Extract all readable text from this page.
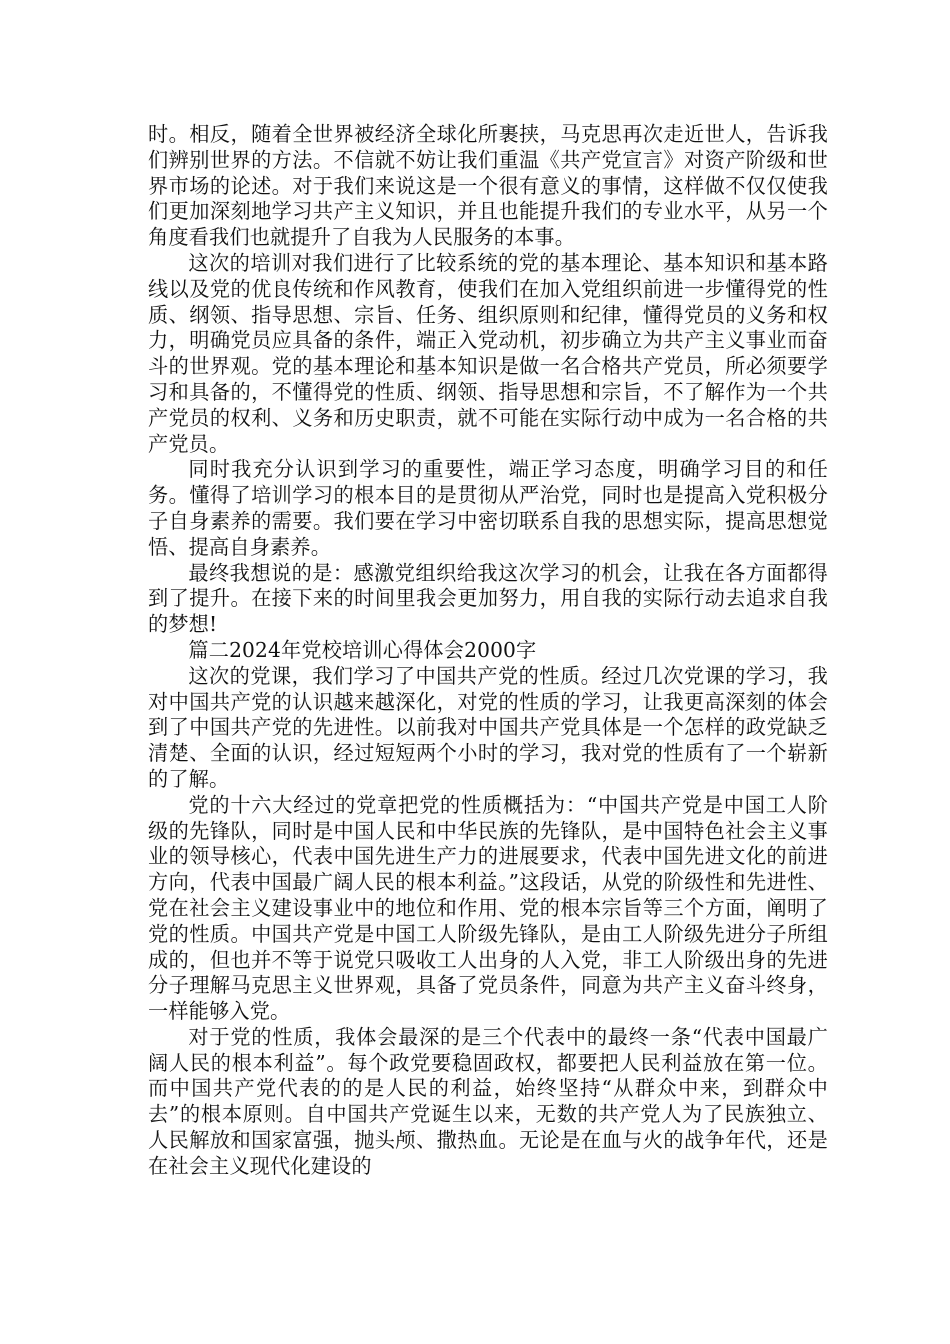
时。相反，随着全世界被经济全球化所裹挟，马克思再次走近世人，告诉我们辨别世界的方法。不信就不妨让我们重温《共产党宣言》对资产阶级和世界市场的论述。对于我们来说这是一个很有意义的事情，这样做不仅仅使我们更加深刻地学习共产主义知识，并且也能提升我们的专业水平，从另一个角度看我们也就提升了自我为人民服务的本事。

这次的培训对我们进行了比较系统的党的基本理论、基本知识和基本路线以及党的优良传统和作风教育，使我们在加入党组织前进一步懂得党的性质、纲领、指导思想、宗旨、任务、组织原则和纪律，懂得党员的义务和权力，明确党员应具备的条件，端正入党动机，初步确立为共产主义事业而奋斗的世界观。党的基本理论和基本知识是做一名合格共产党员，所必须要学习和具备的，不懂得党的性质、纲领、指导思想和宗旨，不了解作为一个共产党员的权利、义务和历史职责，就不可能在实际行动中成为一名合格的共产党员。

同时我充分认识到学习的重要性，端正学习态度，明确学习目的和任务。懂得了培训学习的根本目的是贯彻从严治党，同时也是提高入党积极分子自身素养的需要。我们要在学习中密切联系自我的思想实际，提高思想觉悟、提高自身素养。

最终我想说的是：感激党组织给我这次学习的机会，让我在各方面都得到了提升。在接下来的时间里我会更加努力，用自我的实际行动去追求自我的梦想!

篇二2024年党校培训心得体会2000字

这次的党课，我们学习了中国共产党的性质。经过几次党课的学习，我对中国共产党的认识越来越深化，对党的性质的学习，让我更高深刻的体会到了中国共产党的先进性。以前我对中国共产党具体是一个怎样的政党缺乏清楚、全面的认识，经过短短两个小时的学习，我对党的性质有了一个崭新的了解。

党的十六大经过的党章把党的性质概括为：“中国共产党是中国工人阶级的先锋队，同时是中国人民和中华民族的先锋队，是中国特色社会主义事业的领导核心，代表中国先进生产力的进展要求，代表中国先进文化的前进方向，代表中国最广阔人民的根本利益。”这段话，从党的阶级性和先进性、党在社会主义建设事业中的地位和作用、党的根本宗旨等三个方面，阐明了党的性质。中国共产党是中国工人阶级先锋队，是由工人阶级先进分子所组成的，但也并不等于说党只吸收工人出身的人入党，非工人阶级出身的先进分子理解马克思主义世界观，具备了党员条件，同意为共产主义奋斗终身，一样能够入党。

对于党的性质，我体会最深的是三个代表中的最终一条“代表中国最广阔人民的根本利益”。每个政党要稳固政权，都要把人民利益放在第一位。而中国共产党代表的的是人民的利益，始终坚持“从群众中来，到群众中去”的根本原则。自中国共产党诞生以来，无数的共产党人为了民族独立、人民解放和国家富强，抛头颅、撒热血。无论是在血与火的战争年代，还是在社会主义现代化建设的
